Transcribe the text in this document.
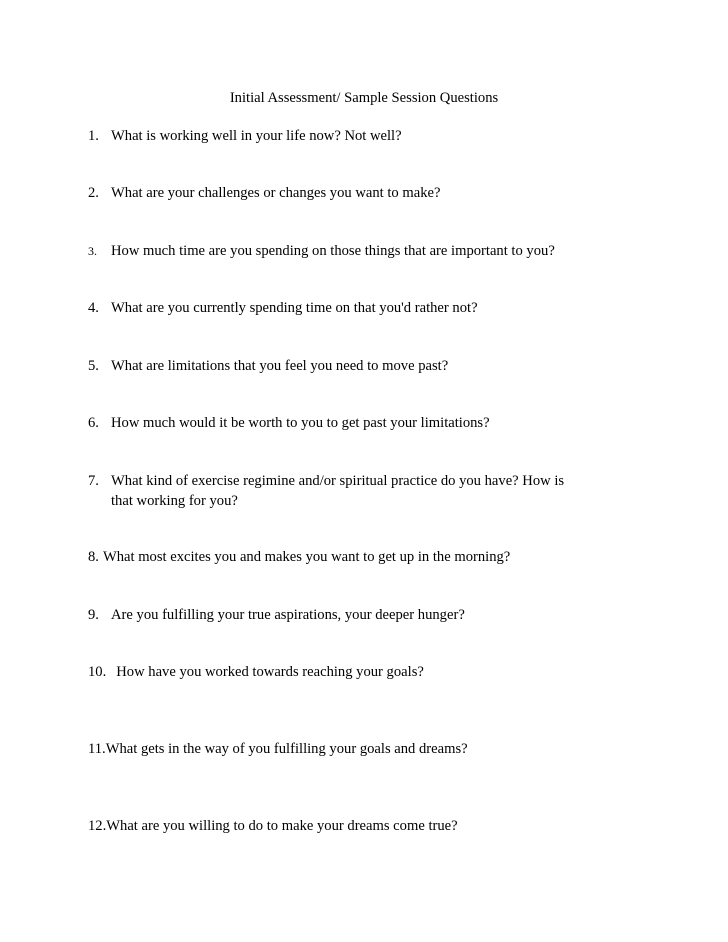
Initial Assessment/ Sample Session Questions
1. What is working well in your life now? Not well?
2. What are your challenges or changes you want to make?
3. How much time are you spending on those things that are important to you?
4. What are you currently spending time on that you'd rather not?
5. What are limitations that you feel you need to move past?
6. How much would it be worth to you to get past your limitations?
7. What kind of exercise regimine and/or spiritual practice do you have? How is
that working for you?
8. What most excites you and makes you want to get up in the morning?
9. Are you fulfilling your true aspirations, your deeper hunger?
10. How have you worked towards reaching your goals?
11.What gets in the way of you fulfilling your goals and dreams?
12.What are you willing to do to make your dreams come true?
